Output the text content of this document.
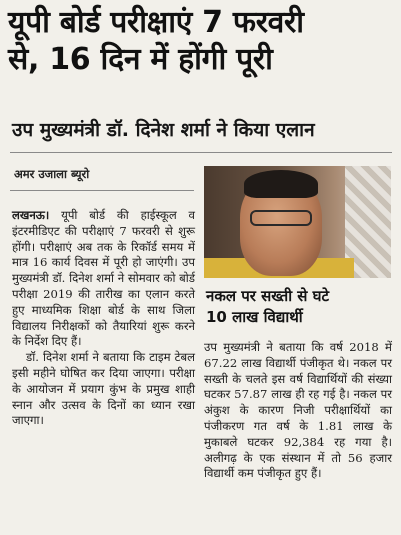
यूपी बोर्ड परीक्षाएं 7 फरवरी
से, 16 दिन में होंगी पूरी
उप मुख्यमंत्री डॉ. दिनेश शर्मा ने किया एलान
अमर उजाला ब्यूरो

लखनऊ। यूपी बोर्ड की हाईस्कूल व इंटरमीडिएट की परीक्षाएं 7 फरवरी से शुरू होंगी। परीक्षाएं अब तक के रिकॉर्ड समय में मात्र 16 कार्य दिवस में पूरी हो जाएंगी। उप मुख्यमंत्री डॉ. दिनेश शर्मा ने सोमवार को बोर्ड परीक्षा 2019 की तारीख का एलान करते हुए माध्यमिक शिक्षा बोर्ड के साथ जिला विद्यालय निरीक्षकों को तैयारियां शुरू करने के निर्देश दिए हैं।

डॉ. दिनेश शर्मा ने बताया कि टाइम टेबल इसी महीने घोषित कर दिया जाएगा। परीक्षा के आयोजन में प्रयाग कुंभ के प्रमुख शाही स्नान और उत्सव के दिनों का ध्यान रखा जाएगा।

नकल पर सख्ती से घटे
10 लाख विद्यार्थी

उप मुख्यमंत्री ने बताया कि वर्ष 2018 में 67.22 लाख विद्यार्थी पंजीकृत थे। नकल पर सख्ती के चलते इस वर्ष विद्यार्थियों की संख्या घटकर 57.87 लाख ही रह गई है। नकल पर अंकुश के कारण निजी परीक्षार्थियों का पंजीकरण गत वर्ष के 1.81 लाख के मुकाबले घटकर 92,384 रह गया है। अलीगढ़ के एक संस्थान में तो 56 हजार विद्यार्थी कम पंजीकृत हुए हैं।
